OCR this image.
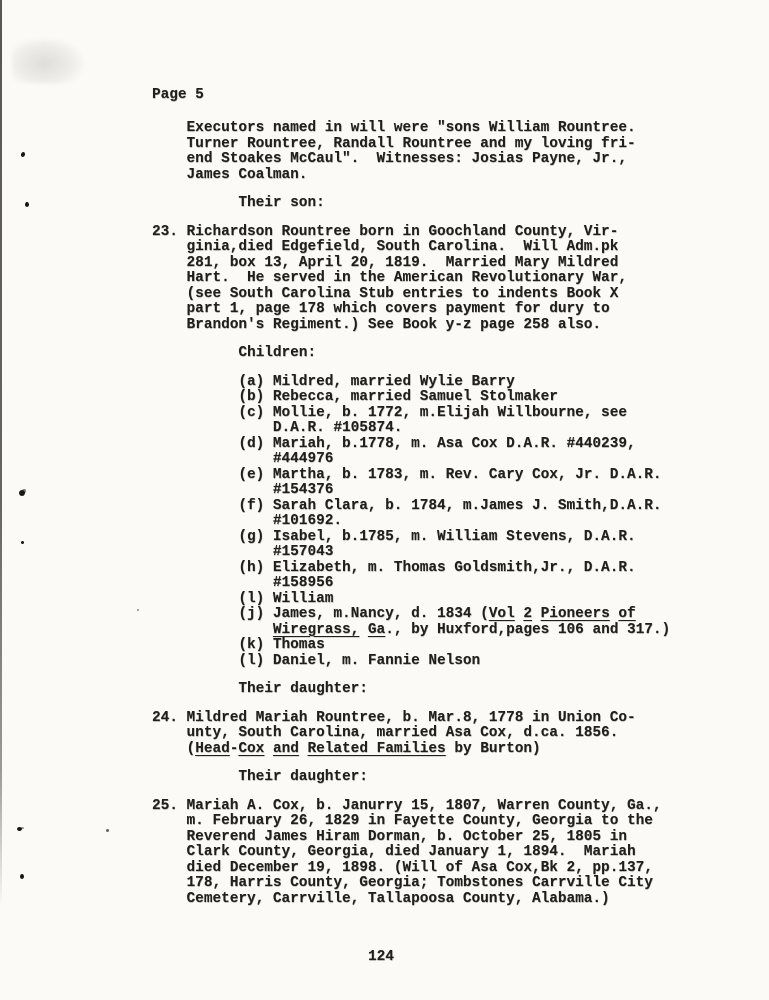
Page 5
Executors named in will were "sons William Rountree.
Turner Rountree, Randall Rountree and my loving fri-
end Stoakes McCaul".  Witnesses: Josias Payne, Jr.,
James Coalman.
Their son:
23. Richardson Rountree born in Goochland County, Vir-
ginia,died Edgefield, South Carolina.  Will Adm.pk
281, box 13, April 20, 1819.  Married Mary Mildred
Hart.  He served in the American Revolutionary War,
(see South Carolina Stub entries to indents Book X
part 1, page 178 which covers payment for dury to
Brandon's Regiment.) See Book y-z page 258 also.
Children:
(a) Mildred, married Wylie Barry
(b) Rebecca, married Samuel Stolmaker
(c) Mollie, b. 1772, m.Elijah Willbourne, see
D.A.R. #105874.
(d) Mariah, b.1778, m. Asa Cox D.A.R. #440239,
#444976
(e) Martha, b. 1783, m. Rev. Cary Cox, Jr. D.A.R.
#154376
(f) Sarah Clara, b. 1784, m.James J. Smith,D.A.R.
#101692.
(g) Isabel, b.1785, m. William Stevens, D.A.R.
#157043
(h) Elizabeth, m. Thomas Goldsmith,Jr., D.A.R.
#158956
(l) William
(j) James, m.Nancy, d. 1834 (Vol 2 Pioneers of
Wiregrass, Ga., by Huxford,pages 106 and 317.)
(k) Thomas
(l) Daniel, m. Fannie Nelson
Their daughter:
24. Mildred Mariah Rountree, b. Mar.8, 1778 in Union Co-
unty, South Carolina, married Asa Cox, d.ca. 1856.
(Head-Cox and Related Families by Burton)
Their daughter:
25. Mariah A. Cox, b. Janurry 15, 1807, Warren County, Ga.,
m. February 26, 1829 in Fayette County, Georgia to the
Reverend James Hiram Dorman, b. October 25, 1805 in
Clark County, Georgia, died January 1, 1894.  Mariah
died December 19, 1898. (Will of Asa Cox,Bk 2, pp.137,
178, Harris County, Georgia; Tombstones Carrville City
Cemetery, Carrville, Tallapoosa County, Alabama.)
124
